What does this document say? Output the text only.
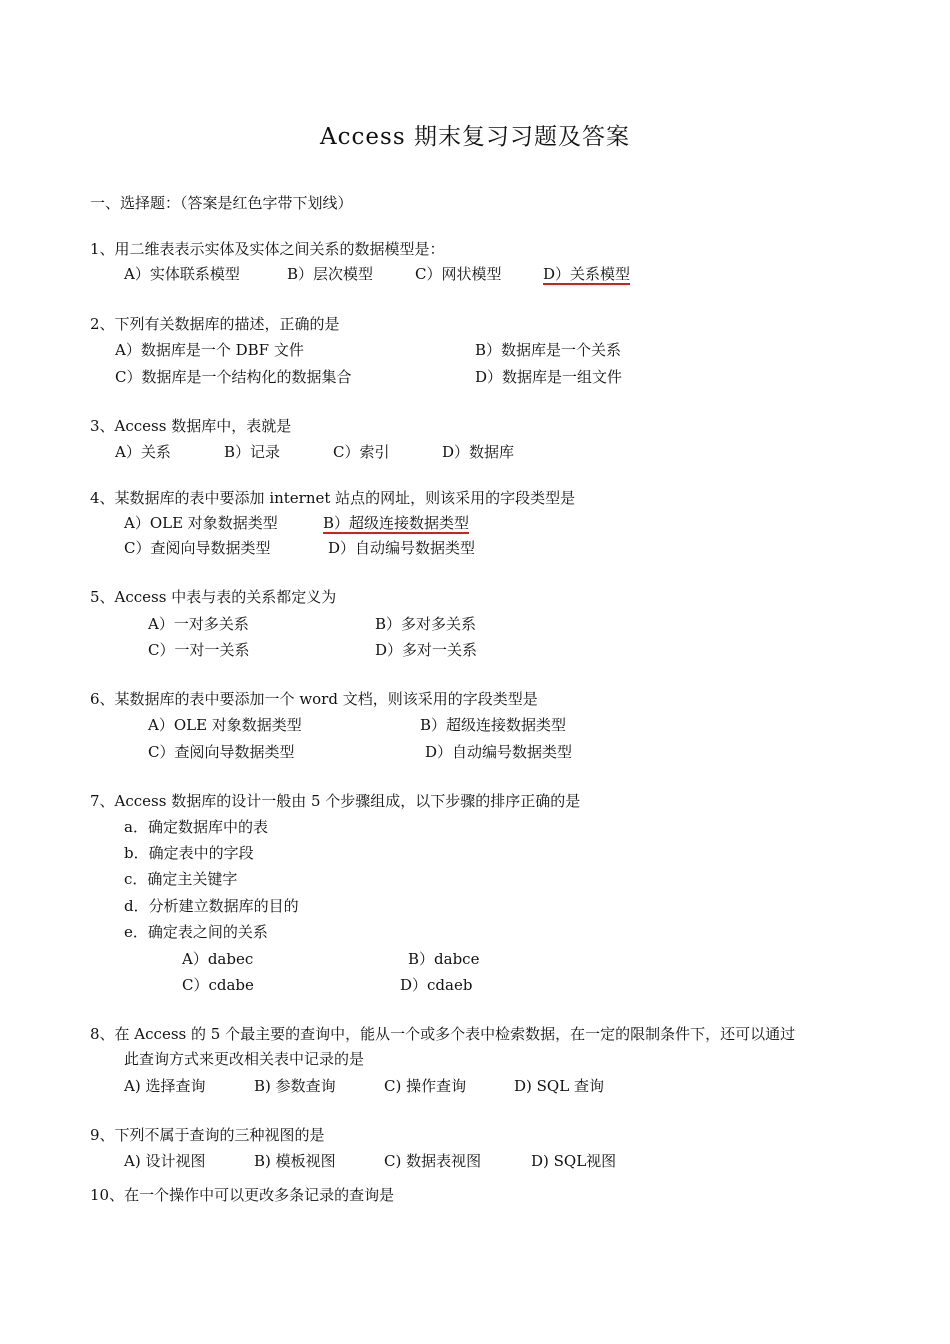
Access 期末复习习题及答案
一、选择题：（答案是红色字带下划线）
1、用二维表表示实体及实体之间关系的数据模型是：
A）实体联系模型	B）层次模型	C）网状模型	D）关系模型
2、下列有关数据库的描述，正确的是
A）数据库是一个 DBF 文件	B）数据库是一个关系
C）数据库是一个结构化的数据集合	D）数据库是一组文件
3、Access 数据库中，表就是
A）关系	B）记录	C）索引	D）数据库
4、某数据库的表中要添加 internet 站点的网址，则该采用的字段类型是
A）OLE 对象数据类型	B）超级连接数据类型
C）查阅向导数据类型	D）自动编号数据类型
5、Access 中表与表的关系都定义为
A）一对多关系	B）多对多关系
C）一对一关系	D）多对一关系
6、某数据库的表中要添加一个 word 文档，则该采用的字段类型是
A）OLE 对象数据类型	B）超级连接数据类型
C）查阅向导数据类型	D）自动编号数据类型
7、Access 数据库的设计一般由 5 个步骤组成，以下步骤的排序正确的是
a．确定数据库中的表
b．确定表中的字段
c．确定主关键字
d．分析建立数据库的目的
e．确定表之间的关系
A）dabec	B）dabce
C）cdabe	D）cdaeb
8、在 Access 的 5 个最主要的查询中，能从一个或多个表中检索数据，在一定的限制条件下，还可以通过
此查询方式来更改相关表中记录的是
A) 选择查询	B) 参数查询	C) 操作查询	D) SQL 查询
9、下列不属于查询的三种视图的是
A) 设计视图	B) 模板视图	C) 数据表视图	D) SQL视图
10、在一个操作中可以更改多条记录的查询是
